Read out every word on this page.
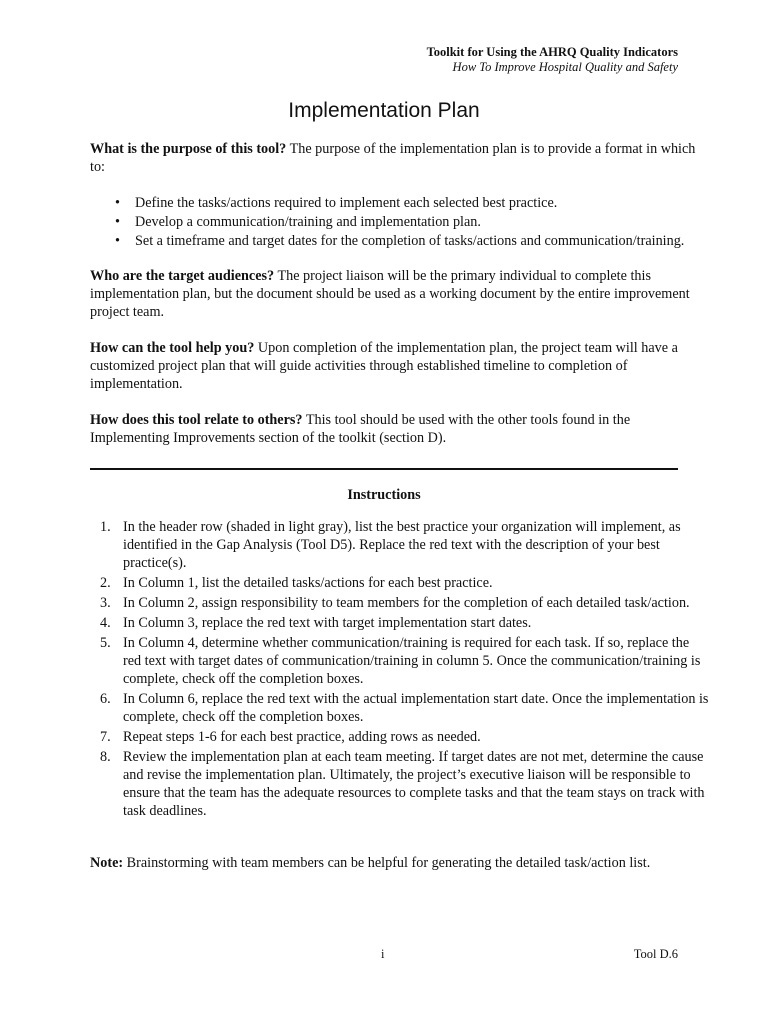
Toolkit for Using the AHRQ Quality Indicators
How To Improve Hospital Quality and Safety
Implementation Plan

What is the purpose of this tool? The purpose of the implementation plan is to provide a format in which to:

• Define the tasks/actions required to implement each selected best practice.
• Develop a communication/training and implementation plan.
• Set a timeframe and target dates for the completion of tasks/actions and communication/training.

Who are the target audiences? The project liaison will be the primary individual to complete this implementation plan, but the document should be used as a working document by the entire improvement project team.

How can the tool help you? Upon completion of the implementation plan, the project team will have a customized project plan that will guide activities through established timeline to completion of implementation.

How does this tool relate to others? This tool should be used with the other tools found in the Implementing Improvements section of the toolkit (section D).

Instructions
1. In the header row (shaded in light gray), list the best practice your organization will implement, as identified in the Gap Analysis (Tool D5). Replace the red text with the description of your best practice(s).
2. In Column 1, list the detailed tasks/actions for each best practice.
3. In Column 2, assign responsibility to team members for the completion of each detailed task/action.
4. In Column 3, replace the red text with target implementation start dates.
5. In Column 4, determine whether communication/training is required for each task. If so, replace the red text with target dates of communication/training in column 5. Once the communication/training is complete, check off the completion boxes.
6. In Column 6, replace the red text with the actual implementation start date. Once the implementation is complete, check off the completion boxes.
7. Repeat steps 1-6 for each best practice, adding rows as needed.
8. Review the implementation plan at each team meeting. If target dates are not met, determine the cause and revise the implementation plan. Ultimately, the project’s executive liaison will be responsible to ensure that the team has the adequate resources to complete tasks and that the team stays on track with task deadlines.

Note: Brainstorming with team members can be helpful for generating the detailed task/action list.

i	Tool D.6
